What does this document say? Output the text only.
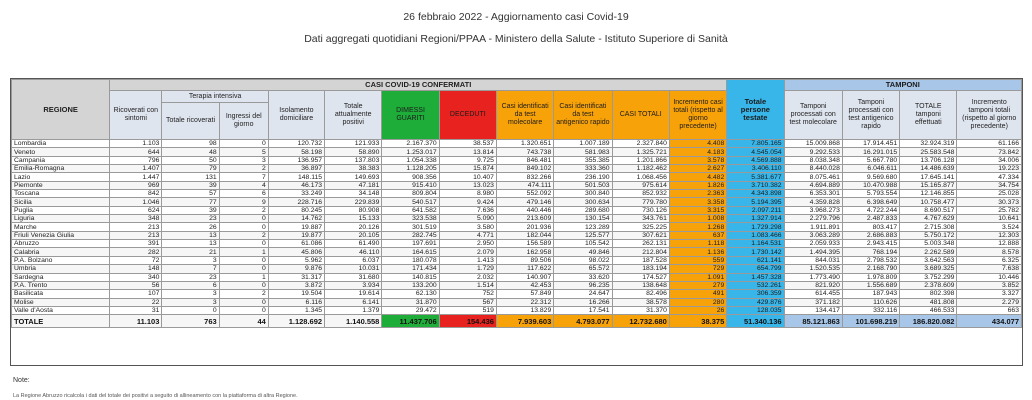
26 febbraio 2022 - Aggiornamento casi Covid-19
Dati aggregati quotidiani Regioni/PPAA - Ministero della Salute - Istituto Superiore di Sanità
REGIONE	CASI COVID-19 CONFERMATI											Totale persone testate	TAMPONI			
	Ricoverati con sintomi	Terapia intensiva		Isolamento domiciliare	Totale attualmente positivi	DIMESSI GUARITI	DECEDUTI	Casi identificati da test molecolare	Casi identificati da test antigenico rapido	CASI TOTALI	Incremento casi totali (rispetto al giorno precedente)		Tamponi processati con test molecolare	Tamponi processati con test antigenico rapido	TOTALE tamponi effettuati	Incremento tamponi totali (rispetto al giorno precedente)
		Totale ricoverati	Ingressi del giorno													
Lombardia	1.103	98	0	120.732	121.933	2.167.370	38.537	1.320.651	1.007.189	2.327.840	4.408	7.805.165	15.009.868	17.914.451	32.924.319	61.166
Veneto	644	48	5	58.198	58.890	1.253.017	13.814	743.738	581.983	1.325.721	4.183	4.545.054	9.292.533	16.291.015	25.583.548	73.842
Campania	796	50	3	136.957	137.803	1.054.338	9.725	846.481	355.385	1.201.866	3.578	4.569.888	8.038.348	5.667.780	13.706.128	34.006
Emilia-Romagna	1.407	79	2	36.897	38.383	1.128.205	15.874	849.102	333.360	1.182.462	2.627	3.406.110	8.440.028	6.046.611	14.486.639	19.223
Lazio	1.447	131	7	148.115	149.693	908.356	10.407	832.266	236.190	1.068.456	4.482	5.381.677	8.075.461	9.569.680	17.645.141	47.334
Piemonte	969	39	4	46.173	47.181	915.410	13.023	474.111	501.503	975.614	1.826	3.710.382	4.694.889	10.470.988	15.165.877	34.754
Toscana	842	57	6	33.249	34.148	809.804	8.980	552.092	300.840	852.932	2.363	4.343.898	6.353.301	5.793.554	12.146.855	25.028
Sicilia	1.046	77	9	228.716	229.839	540.517	9.424	479.146	300.634	779.780	3.358	5.194.395	4.359.828	6.398.649	10.758.477	30.373
Puglia	624	39	2	80.245	80.908	641.582	7.636	440.446	289.680	730.126	3.315	2.097.211	3.968.273	4.722.244	8.690.517	25.782
Liguria	348	23	0	14.762	15.133	323.538	5.090	213.609	130.154	343.761	1.008	1.327.914	2.279.796	2.487.833	4.767.629	10.641
Marche	213	26	0	19.887	20.126	301.519	3.580	201.936	123.289	325.225	1.268	1.729.298	1.911.891	803.417	2.715.308	3.524
Friuli Venezia Giulia	213	13	2	19.877	20.105	282.745	4.771	182.044	125.577	307.621	637	1.083.466	3.063.289	2.686.883	5.750.172	12.303
Abruzzo	391	13	0	61.086	61.490	197.691	2.950	156.589	105.542	262.131	1.118	1.164.531	2.059.933	2.943.415	5.003.348	12.888
Calabria	282	21	1	45.806	46.110	164.615	2.079	162.958	49.846	212.804	1.136	1.730.142	1.494.395	768.194	2.262.589	8.578
P.A. Bolzano	72	3	0	5.962	6.037	180.078	1.413	89.506	98.022	187.528	559	621.141	844.031	2.798.532	3.642.563	6.325
Umbria	148	7	0	9.876	10.031	171.434	1.729	117.622	65.572	183.194	729	654.799	1.520.535	2.168.790	3.689.325	7.638
Sardegna	340	23	1	31.317	31.680	140.815	2.032	140.907	33.620	174.527	1.091	1.457.328	1.773.490	1.978.809	3.752.299	10.446
P.A. Trento	56	6	0	3.872	3.934	133.200	1.514	42.453	96.235	138.648	279	532.261	821.920	1.556.689	2.378.609	3.852
Basilicata	107	3	2	19.504	19.614	62.130	752	57.849	24.647	82.496	491	306.359	614.455	187.943	802.398	3.327
Molise	22	3	0	6.116	6.141	31.870	567	22.312	16.266	38.578	280	429.876	371.182	110.626	481.808	2.279
Valle d'Aosta	31	0	0	1.345	1.379	29.472	519	13.829	17.541	31.370	26	128.035	134.417	332.116	466.533	663
TOTALE	11.103	763	44	1.128.692	1.140.558	11.437.706	154.436	7.939.603	4.793.077	12.732.680	38.375	51.340.136	85.121.863	101.698.219	186.820.082	434.077
Note:
La Regione Abruzzo ricalcola i dati del totale dei positivi a seguito di allineamento con la piattaforma di altra Regione.
